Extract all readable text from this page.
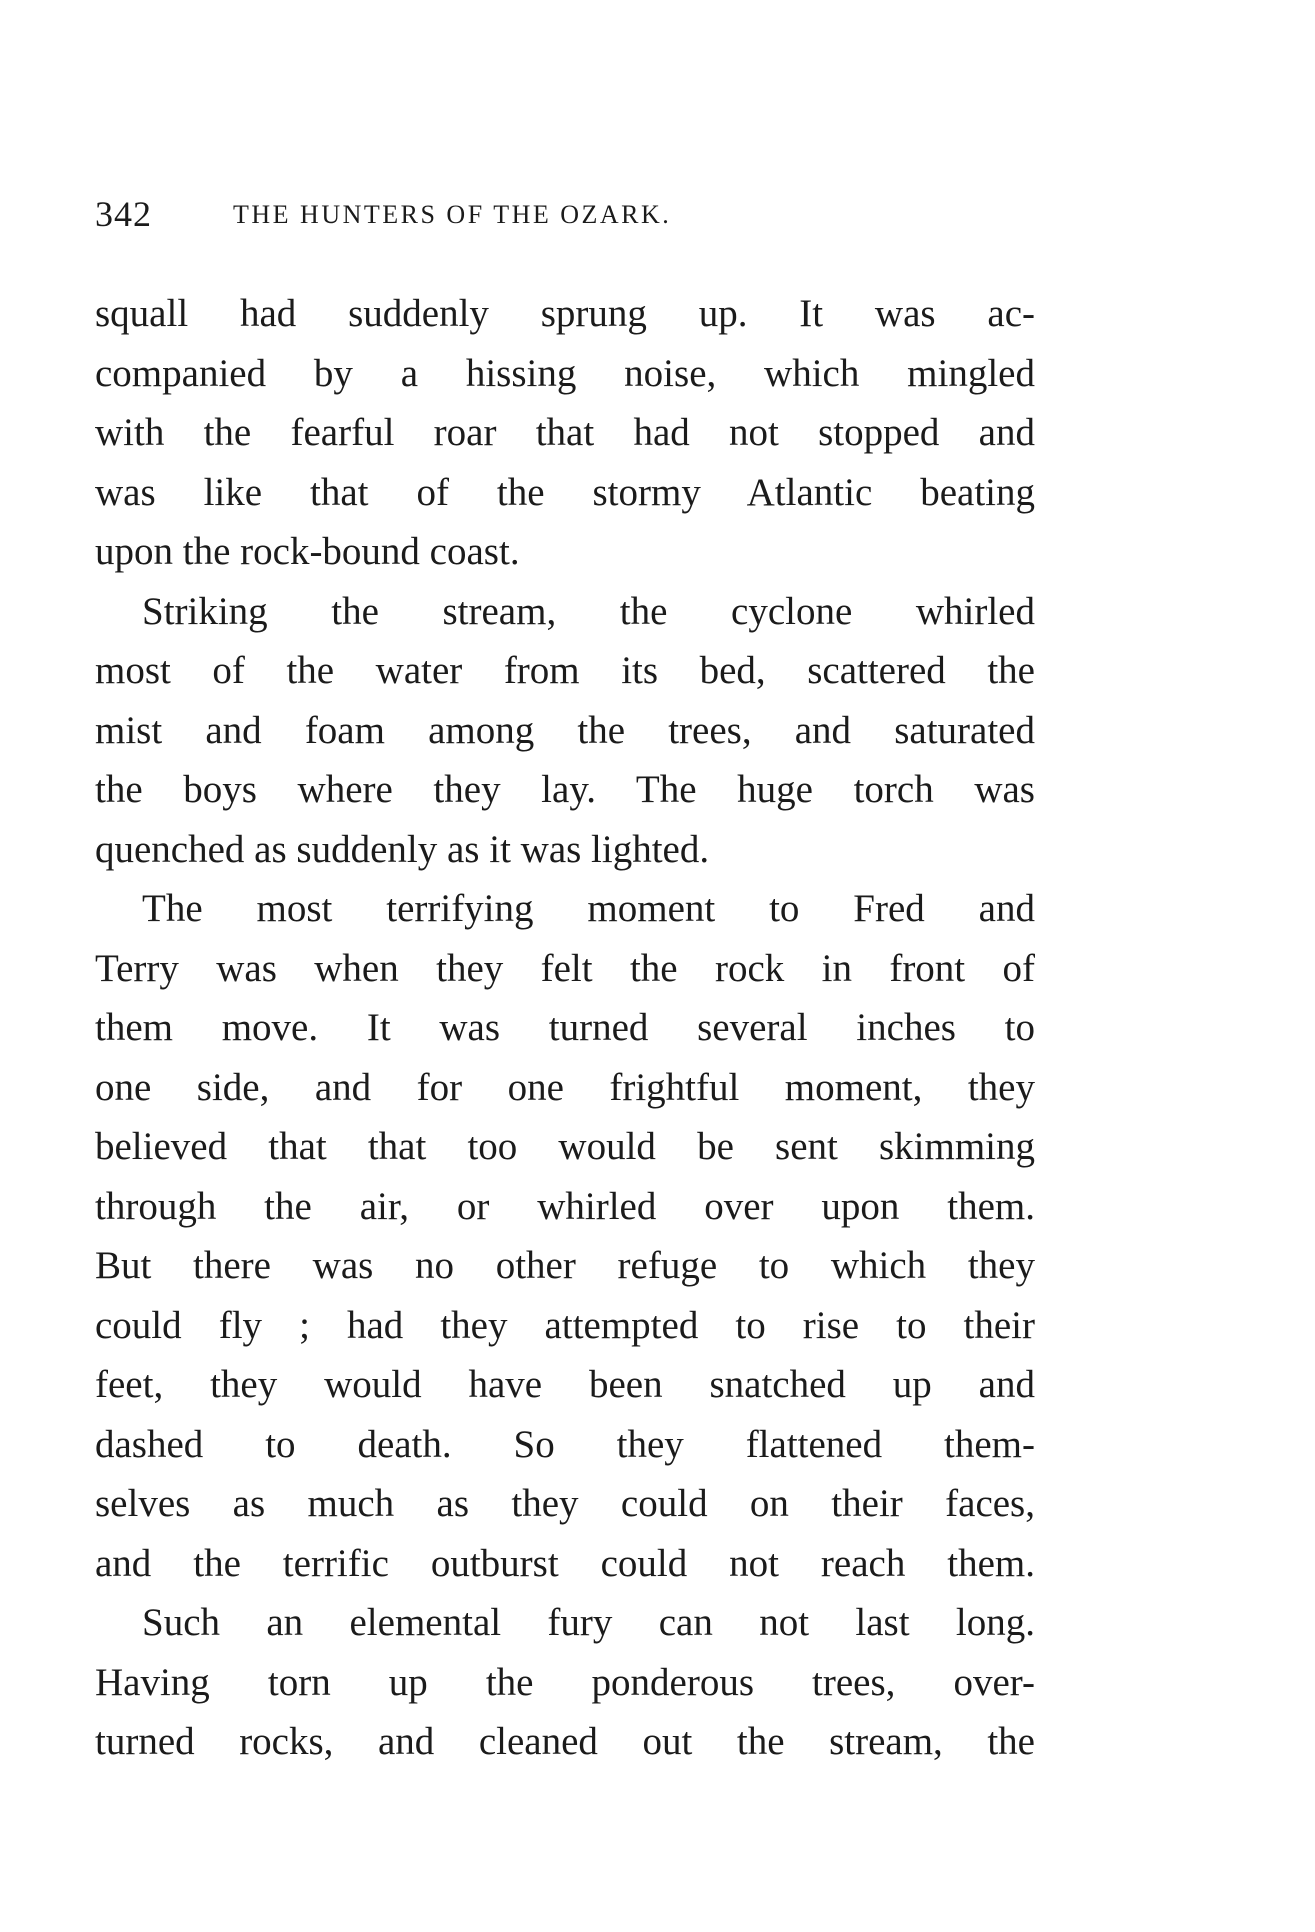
342	THE HUNTERS OF THE OZARK.
squall had suddenly sprung up. It was ac-
companied by a hissing noise, which mingled
with the fearful roar that had not stopped and
was like that of the stormy Atlantic beating
upon the rock-bound coast.
Striking the stream, the cyclone whirled
most of the water from its bed, scattered the
mist and foam among the trees, and saturated
the boys where they lay. The huge torch was
quenched as suddenly as it was lighted.
The most terrifying moment to Fred and
Terry was when they felt the rock in front of
them move. It was turned several inches to
one side, and for one frightful moment, they
believed that that too would be sent skimming
through the air, or whirled over upon them.
But there was no other refuge to which they
could fly ; had they attempted to rise to their
feet, they would have been snatched up and
dashed to death. So they flattened them-
selves as much as they could on their faces,
and the terrific outburst could not reach them.
Such an elemental fury can not last long.
Having torn up the ponderous trees, over-
turned rocks, and cleaned out the stream, the
